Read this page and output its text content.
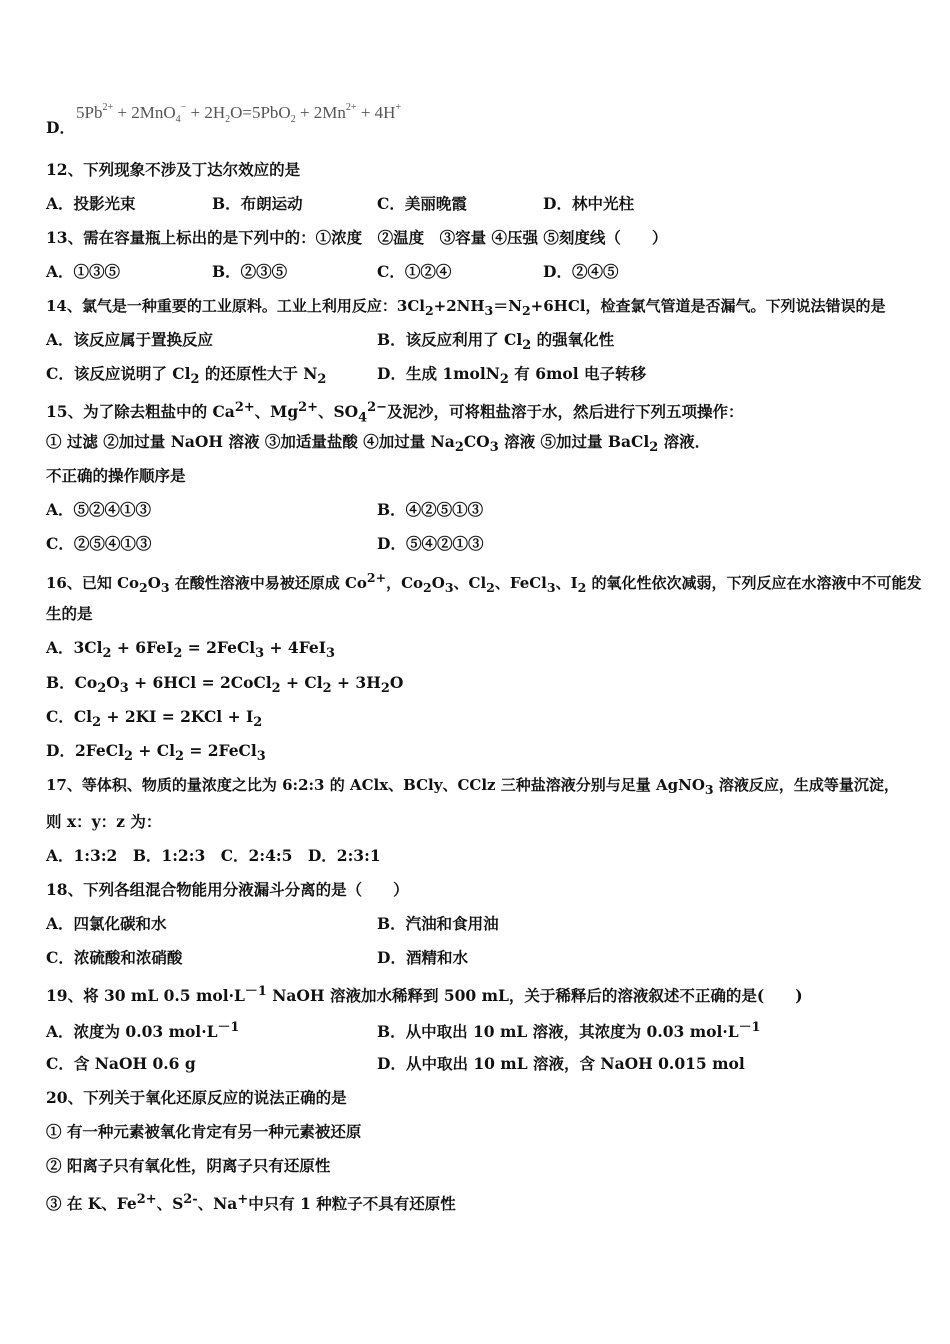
D．
$5Pb^{2+} + 2MnO_4^- + 2H_2O=5PbO_2 + 2Mn^{2+} + 4H^+$
12、下列现象不涉及丁达尔效应的是
A．投影光束	B．布朗运动	C．美丽晚霞	D．林中光柱
13、需在容量瓶上标出的是下列中的：①浓度　②温度　③容量 ④压强 ⑤刻度线（　　）
A．①③⑤	B．②③⑤	C．①②④	D．②④⑤
14、氯气是一种重要的工业原料。工业上利用反应：$3Cl_2+2NH_3=N_2+6HCl$，检查氯气管道是否漏气。下列说法错误的是
A．该反应属于置换反应	B．该反应利用了 $Cl_2$ 的强氧化性
C．该反应说明了 $Cl_2$ 的还原性大于 $N_2$	D．生成 1molN$_2$ 有 6mol 电子转移
15、为了除去粗盐中的 $Ca^{2+}$、$Mg^{2+}$、$SO_4^{2-}$及泥沙，可将粗盐溶于水，然后进行下列五项操作：
① 过滤 ②加过量 NaOH 溶液 ③加适量盐酸 ④加过量 $Na_2CO_3$ 溶液 ⑤加过量 BaCl$_2$ 溶液．
不正确的操作顺序是
A．⑤②④①③	B．④②⑤①③
C．②⑤④①③	D．⑤④②①③
16、已知 $Co_2O_3$ 在酸性溶液中易被还原成 $Co^{2+}$，$Co_2O_3$、$Cl_2$、FeCl$_3$、$I_2$ 的氧化性依次减弱，下列反应在水溶液中不可能发
生的是
A．$3Cl_2 + 6FeI_2$ = 2FeCl$_3$ + 4FeI$_3$
B．$Co_2O_3 + 6HCl$ = 2CoCl$_2$ + $Cl_2 + 3H_2O$
C．$Cl_2 + 2KI = 2KCl + I_2$
D．2FeCl$_2$ + $Cl_2$ = 2FeCl$_3$
17、等体积、物质的量浓度之比为 6:2:3 的 AClx、BCly、CClz 三种盐溶液分别与足量 AgNO$_3$ 溶液反应，生成等量沉淀，
则 x：y：z 为：
A．1:3:2　B．1:2:3　C．2:4:5　D．2:3:1
18、下列各组混合物能用分液漏斗分离的是（　　）
A．四氯化碳和水	B．汽油和食用油
C．浓硫酸和浓硝酸	D．酒精和水
19、将 30 mL 0.5 $mol\cdot L^{-1}$ NaOH 溶液加水稀释到 500 mL，关于稀释后的溶液叙述不正确的是(　　)
A．浓度为 0.03 $mol\cdot L^{-1}$	B．从中取出 10 mL 溶液，其浓度为 0.03 $mol\cdot L^{-1}$
C．含 NaOH 0.6 g	D．从中取出 10 mL 溶液，含 NaOH 0.015 mol
20、下列关于氧化还原反应的说法正确的是
① 有一种元素被氧化肯定有另一种元素被还原
② 阳离子只有氧化性，阴离子只有还原性
③ 在 K、$Fe^{2+}$、$S^{2-}$、Na+中只有 1 种粒子不具有还原性
